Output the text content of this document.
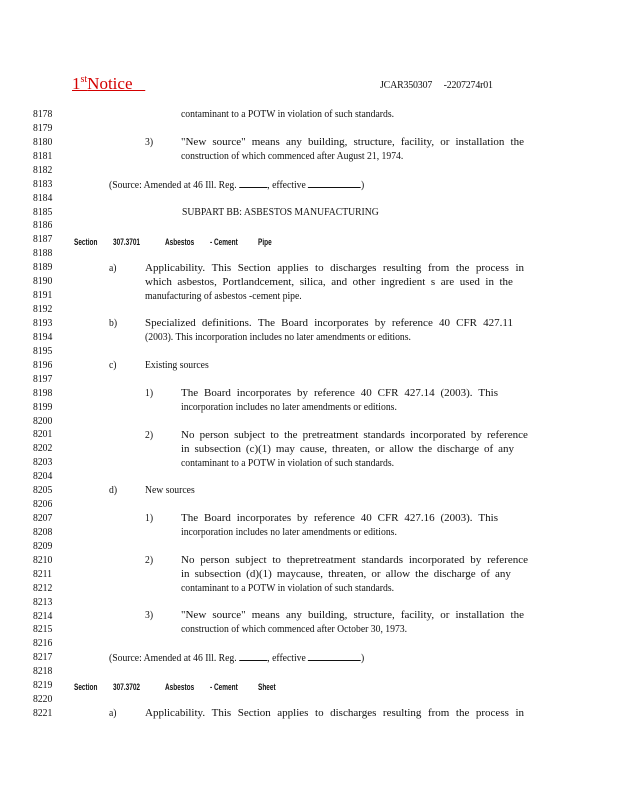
1stNotice	JCAR350307     -2207274r01
8178
8179
8180
8181
8182
8183
8184
8185
8186
8187
8188
8189
8190
8191
8192
8193
8194
8195
8196
8197
8198
8199
8200
8201
8202
8203
8204
8205
8206
8207
8208
8209
8210
8211
8212
8213
8214
8215
8216
8217
8218
8219
8220
8221
contaminant to a POTW in violation of such standards.
3)	"New source" means any building, structure, facility, or installation the
construction of which commenced after August 21, 1974.
(Source: Amended at 46 Ill. Reg.	, effective	)
SUBPART BB: ASBESTOS MANUFACTURING
Section 307.3701	Asbestos - Cement Pipe
a)	Applicability. This Section applies to discharges resulting from the process in
which asbestos, Portlandcement, silica, and other ingredient s are used in the
manufacturing of asbestos -cement pipe.
b)	Specialized definitions. The Board incorporates by reference 40 CFR 427.11
(2003). This incorporation includes no later amendments or editions.
c)	Existing sources
1)	The Board incorporates by reference 40 CFR 427.14 (2003). This
incorporation includes no later amendments or editions.
2)	No person subject to the pretreatment standards incorporated by reference
in subsection (c)(1) may cause, threaten, or allow the discharge of any
contaminant to a POTW in violation of such standards.
d)	New sources
1)	The Board incorporates by reference 40 CFR 427.16 (2003). This
incorporation includes no later amendments or editions.
2)	No person subject to thepretreatment standards incorporated by reference
in subsection (d)(1) maycause, threaten, or allow the discharge of any
contaminant to a POTW in violation of such standards.
3)	"New source" means any building, structure, facility, or installation the
construction of which commenced after October 30, 1973.
(Source: Amended at 46 Ill. Reg.	, effective	)
Section 307.3702	Asbestos - Cement Sheet
a)	Applicability. This Section applies to discharges resulting from the process in
